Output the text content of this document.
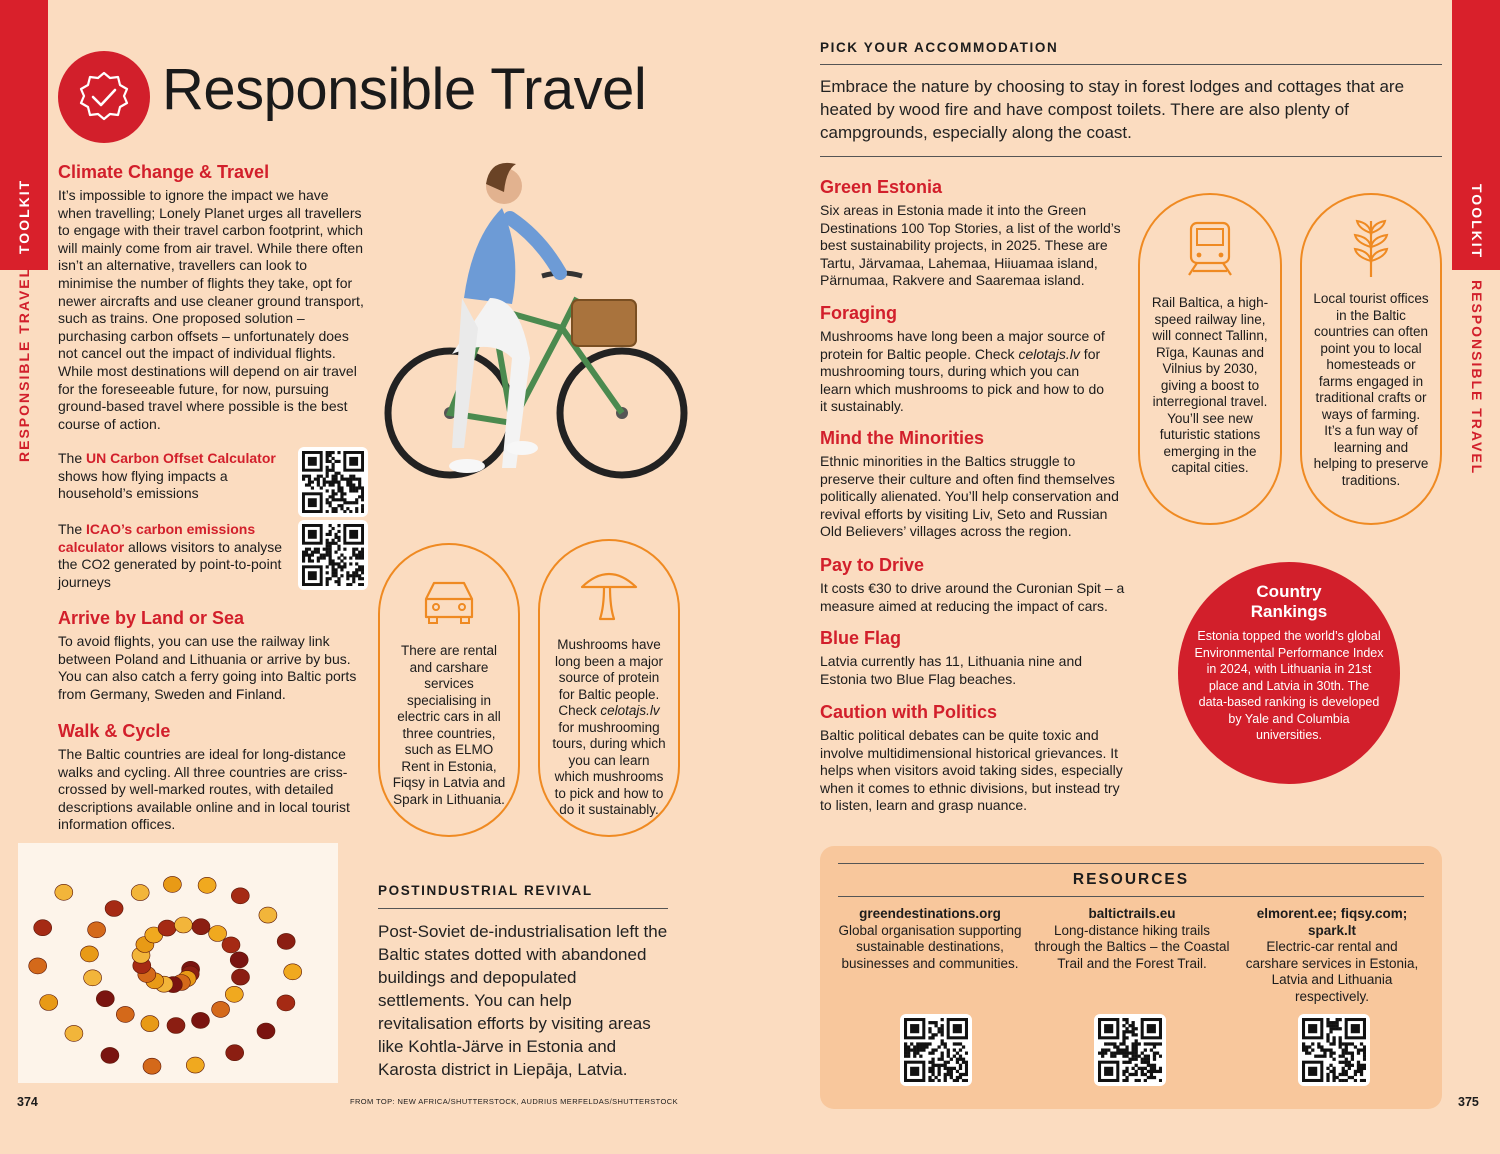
TOOLKIT
RESPONSIBLE TRAVEL
TOOLKIT
RESPONSIBLE TRAVEL
Responsible Travel
Climate Change & Travel

It’s impossible to ignore the impact we have when travelling; Lonely Planet urges all travellers to engage with their travel carbon footprint, which will mainly come from air travel. While there often isn’t an alternative, travellers can look to minimise the number of flights they take, opt for newer aircrafts and use cleaner ground transport, such as trains. One proposed solution – purchasing carbon offsets – unfortunately does not cancel out the impact of individual flights. While most destinations will depend on air travel for the foreseeable future, for now, pursuing ground-based travel where possible is the best course of action.

The UN Carbon Offset Calculator shows how flying impacts a household’s emissions

The ICAO’s carbon emissions calculator allows visitors to analyse the CO2 generated by point-to-point journeys

Arrive by Land or Sea

To avoid flights, you can use the railway link between Poland and Lithuania or arrive by bus. You can also catch a ferry going into Baltic ports from Germany, Sweden and Finland.

Walk & Cycle

The Baltic countries are ideal for long-distance walks and cycling. All three countries are criss-crossed by well-marked routes, with detailed descriptions available online and in local tourist information offices.

There are rental and carshare services specialising in electric cars in all three countries, such as ELMO Rent in Estonia, Fiqsy in Latvia and Spark in Lithuania.
Mushrooms have long been a major source of protein for Baltic people. Check celotajs.lv for mushrooming tours, during which you can learn which mushrooms to pick and how to do it sustainably.
Rail Baltica, a high-speed railway line, will connect Tallinn, Rīga, Kaunas and Vilnius by 2030, giving a boost to interregional travel. You’ll see new futuristic stations emerging in the capital cities.
Local tourist offices in the Baltic countries can often point you to local homesteads or farms engaged in traditional crafts or ways of farming. It’s a fun way of learning and helping to preserve traditions.
POSTINDUSTRIAL REVIVAL

Post-Soviet de-industrialisation left the Baltic states dotted with abandoned buildings and depopulated settlements. You can help revitalisation efforts by visiting areas like Kohtla-Järve in Estonia and Karosta district in Liepāja, Latvia.

374	FROM TOP: NEW AFRICA/SHUTTERSTOCK, AUDRIUS MERFELDAS/SHUTTERSTOCK	375
PICK YOUR ACCOMMODATION

Embrace the nature by choosing to stay in forest lodges and cottages that are heated by wood fire and have compost toilets. There are also plenty of campgrounds, especially along the coast.

Green Estonia

Six areas in Estonia made it into the Green Destinations 100 Top Stories, a list of the world’s best sustainability projects, in 2025. These are Tartu, Järvamaa, Lahemaa, Hiiuamaa island, Pärnumaa, Rakvere and Saaremaa island.

Foraging

Mushrooms have long been a major source of protein for Baltic people. Check celotajs.lv for mushrooming tours, during which you can learn which mushrooms to pick and how to do it sustainably.

Mind the Minorities

Ethnic minorities in the Baltics struggle to preserve their culture and often find themselves politically alienated. You’ll help conservation and revival efforts by visiting Liv, Seto and Russian Old Believers’ villages across the region.

Pay to Drive

It costs €30 to drive around the Curonian Spit – a measure aimed at reducing the impact of cars.

Blue Flag

Latvia currently has 11, Lithuania nine and Estonia two Blue Flag beaches.

Caution with Politics

Baltic political debates can be quite toxic and involve multidimensional historical grievances. It helps when visitors avoid taking sides, especially when it comes to ethnic divisions, but instead try to listen, learn and grasp nuance.

Country Rankings
Estonia topped the world’s global Environmental Performance Index in 2024, with Lithuania in 21st place and Latvia in 30th. The data-based ranking is developed by Yale and Columbia universities.
RESOURCES
greendestinations.org
Global organisation supporting sustainable destinations, businesses and communities.
baltictrails.eu
Long-distance hiking trails through the Baltics – the Coastal Trail and the Forest Trail.
elmorent.ee; fiqsy.com; spark.lt
Electric-car rental and carshare services in Estonia, Latvia and Lithuania respectively.
